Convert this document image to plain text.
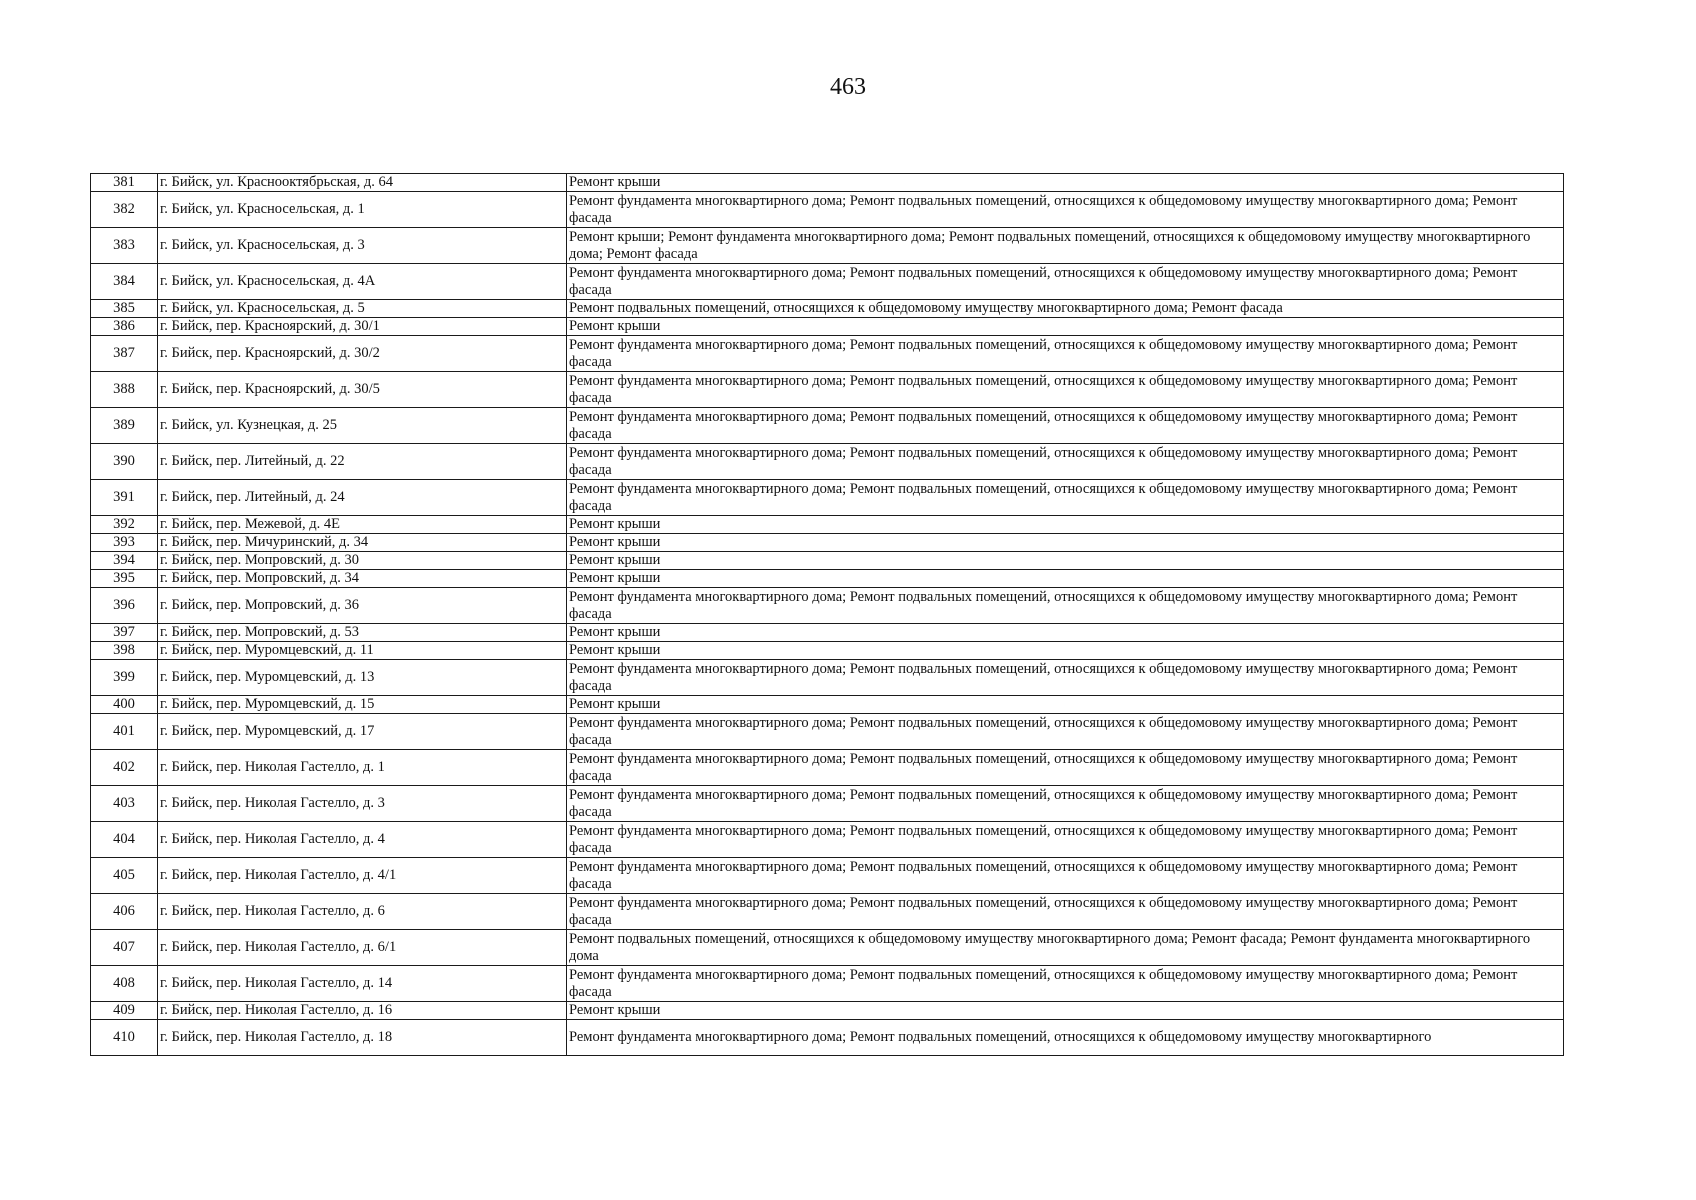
463
381	г. Бийск, ул. Краснооктябрьская, д. 64	Ремонт крыши
382	г. Бийск, ул. Красносельская, д. 1	Ремонт фундамента многоквартирного дома; Ремонт подвальных помещений, относящихся к общедомовому имуществу многоквартирного дома; Ремонт фасада
383	г. Бийск, ул. Красносельская, д. 3	Ремонт крыши; Ремонт фундамента многоквартирного дома; Ремонт подвальных помещений, относящихся к общедомовому имуществу многоквартирного дома; Ремонт фасада
384	г. Бийск, ул. Красносельская, д. 4А	Ремонт фундамента многоквартирного дома; Ремонт подвальных помещений, относящихся к общедомовому имуществу многоквартирного дома; Ремонт фасада
385	г. Бийск, ул. Красносельская, д. 5	Ремонт подвальных помещений, относящихся к общедомовому имуществу многоквартирного дома; Ремонт фасада
386	г. Бийск, пер. Красноярский, д. 30/1	Ремонт крыши
387	г. Бийск, пер. Красноярский, д. 30/2	Ремонт фундамента многоквартирного дома; Ремонт подвальных помещений, относящихся к общедомовому имуществу многоквартирного дома; Ремонт фасада
388	г. Бийск, пер. Красноярский, д. 30/5	Ремонт фундамента многоквартирного дома; Ремонт подвальных помещений, относящихся к общедомовому имуществу многоквартирного дома; Ремонт фасада
389	г. Бийск, ул. Кузнецкая, д. 25	Ремонт фундамента многоквартирного дома; Ремонт подвальных помещений, относящихся к общедомовому имуществу многоквартирного дома; Ремонт фасада
390	г. Бийск, пер. Литейный, д. 22	Ремонт фундамента многоквартирного дома; Ремонт подвальных помещений, относящихся к общедомовому имуществу многоквартирного дома; Ремонт фасада
391	г. Бийск, пер. Литейный, д. 24	Ремонт фундамента многоквартирного дома; Ремонт подвальных помещений, относящихся к общедомовому имуществу многоквартирного дома; Ремонт фасада
392	г. Бийск, пер. Межевой, д. 4Е	Ремонт крыши
393	г. Бийск, пер. Мичуринский, д. 34	Ремонт крыши
394	г. Бийск, пер. Мопровский, д. 30	Ремонт крыши
395	г. Бийск, пер. Мопровский, д. 34	Ремонт крыши
396	г. Бийск, пер. Мопровский, д. 36	Ремонт фундамента многоквартирного дома; Ремонт подвальных помещений, относящихся к общедомовому имуществу многоквартирного дома; Ремонт фасада
397	г. Бийск, пер. Мопровский, д. 53	Ремонт крыши
398	г. Бийск, пер. Муромцевский, д. 11	Ремонт крыши
399	г. Бийск, пер. Муромцевский, д. 13	Ремонт фундамента многоквартирного дома; Ремонт подвальных помещений, относящихся к общедомовому имуществу многоквартирного дома; Ремонт фасада
400	г. Бийск, пер. Муромцевский, д. 15	Ремонт крыши
401	г. Бийск, пер. Муромцевский, д. 17	Ремонт фундамента многоквартирного дома; Ремонт подвальных помещений, относящихся к общедомовому имуществу многоквартирного дома; Ремонт фасада
402	г. Бийск, пер. Николая Гастелло, д. 1	Ремонт фундамента многоквартирного дома; Ремонт подвальных помещений, относящихся к общедомовому имуществу многоквартирного дома; Ремонт фасада
403	г. Бийск, пер. Николая Гастелло, д. 3	Ремонт фундамента многоквартирного дома; Ремонт подвальных помещений, относящихся к общедомовому имуществу многоквартирного дома; Ремонт фасада
404	г. Бийск, пер. Николая Гастелло, д. 4	Ремонт фундамента многоквартирного дома; Ремонт подвальных помещений, относящихся к общедомовому имуществу многоквартирного дома; Ремонт фасада
405	г. Бийск, пер. Николая Гастелло, д. 4/1	Ремонт фундамента многоквартирного дома; Ремонт подвальных помещений, относящихся к общедомовому имуществу многоквартирного дома; Ремонт фасада
406	г. Бийск, пер. Николая Гастелло, д. 6	Ремонт фундамента многоквартирного дома; Ремонт подвальных помещений, относящихся к общедомовому имуществу многоквартирного дома; Ремонт фасада
407	г. Бийск, пер. Николая Гастелло, д. 6/1	Ремонт подвальных помещений, относящихся к общедомовому имуществу многоквартирного дома; Ремонт фасада; Ремонт фундамента многоквартирного дома
408	г. Бийск, пер. Николая Гастелло, д. 14	Ремонт фундамента многоквартирного дома; Ремонт подвальных помещений, относящихся к общедомовому имуществу многоквартирного дома; Ремонт фасада
409	г. Бийск, пер. Николая Гастелло, д. 16	Ремонт крыши
410	г. Бийск, пер. Николая Гастелло, д. 18	Ремонт фундамента многоквартирного дома; Ремонт подвальных помещений, относящихся к общедомовому имуществу многоквартирного
